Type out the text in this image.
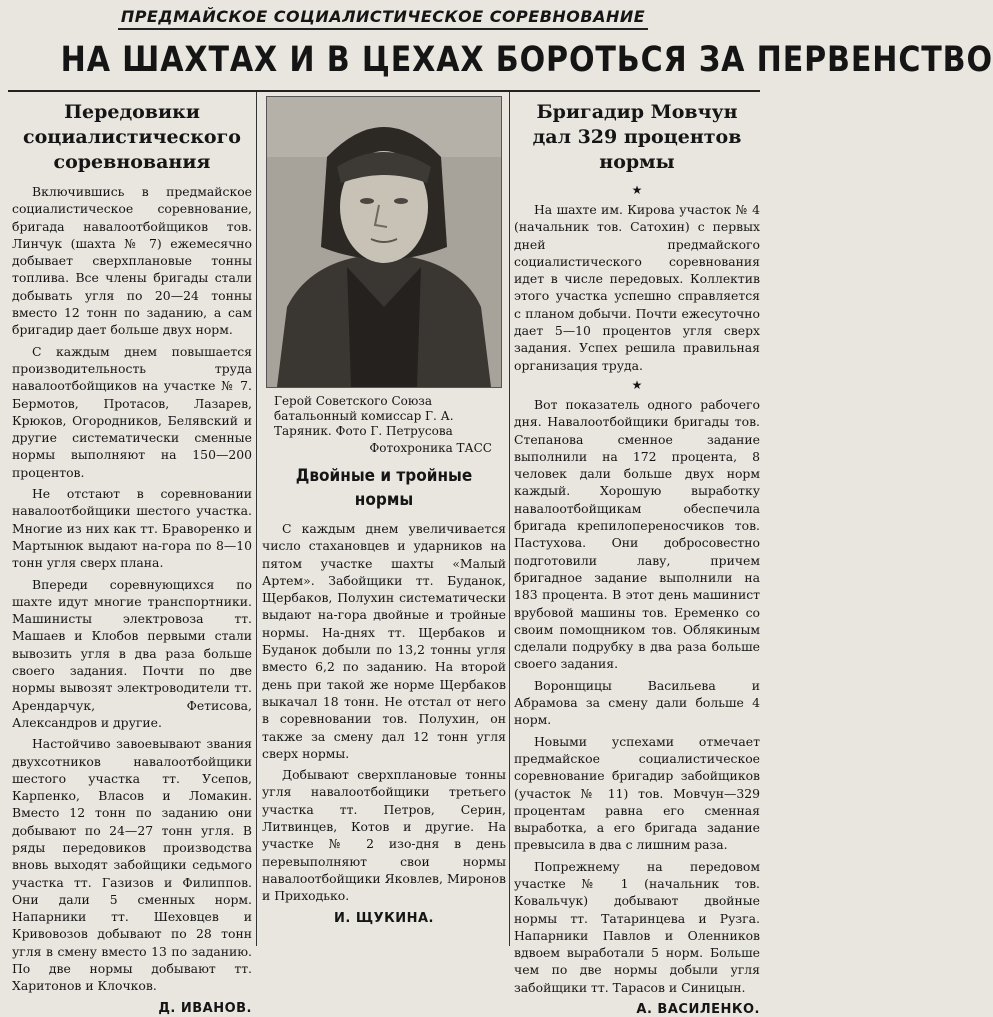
ПРЕДМАЙСКОЕ СОЦИАЛИСТИЧЕСКОЕ СОРЕВНОВАНИЕ
НА ШАХТАХ И В ЦЕХАХ БОРОТЬСЯ ЗА ПЕРВЕНСТВО
Передовики социалистического соревнования

Включившись в предмайское социалистическое соревнование, бригада навалоотбойщиков тов. Линчук (шахта № 7) ежемесячно добывает сверхплановые тонны топлива. Все члены бригады стали добывать угля по 20—24 тонны вместо 12 тонн по заданию, а сам бригадир дает больше двух норм.

С каждым днем повышается производительность труда навалоотбойщиков на участке № 7. Бермотов, Протасов, Лазарев, Крюков, Огородников, Белявский и другие систематически сменные нормы выполняют на 150—200 процентов.

Не отстают в соревновании навалоотбойщики шестого участка. Многие из них как тт. Браворенко и Мартынюк выдают на-гора по 8—10 тонн угля сверх плана.

Впереди соревнующихся по шахте идут многие транспортники. Машинисты электровоза тт. Машаев и Клобов первыми стали вывозить угля в два раза больше своего задания. Почти по две нормы вывозят электроводители тт. Арендарчук, Фетисова, Александров и другие.

Настойчиво завоевывают звания двухсотников навалоотбойщики шестого участка тт. Усепов, Карпенко, Власов и Ломакин. Вместо 12 тонн по заданию они добывают по 24—27 тонн угля. В ряды передовиков производства вновь выходят забойщики седьмого участка тт. Газизов и Филиппов. Они дали 5 сменных норм. Напарники тт. Шеховцев и Кривовозов добывают по 28 тонн угля в смену вместо 13 по заданию. По две нормы добывают тт. Харитонов и Клочков.

Д. ИВАНОВ.
Герой Советского Союза батальонный комиссар Г. А. Таряник. Фото Г. Петрусова
Фотохроника ТАСС
Двойные и тройные нормы

С каждым днем увеличивается число стахановцев и ударников на пятом участке шахты «Малый Артем». Забойщики тт. Буданок, Щербаков, Полухин систематически выдают на-гора двойные и тройные нормы. На-днях тт. Щербаков и Буданок добыли по 13,2 тонны угля вместо 6,2 по заданию. На второй день при такой же норме Щербаков выкачал 18 тонн. Не отстал от него в соревновании тов. Полухин, он также за смену дал 12 тонн угля сверх нормы.

Добывают сверхплановые тонны угля навалоотбойщики третьего участка тт. Петров, Серин, Литвинцев, Котов и другие. На участке № 2 изо-дня в день перевыполняют свои нормы навалоотбойщики Яковлев, Миронов и Приходько.

И. ЩУКИНА.
Бригадир Мовчун дал 329 процентов нормы
★

На шахте им. Кирова участок № 4 (начальник тов. Сатохин) с первых дней предмайского социалистического соревнования идет в числе передовых. Коллектив этого участка успешно справляется с планом добычи. Почти ежесуточно дает 5—10 процентов угля сверх задания. Успех решила правильная организация труда.

★

Вот показатель одного рабочего дня. Навалоотбойщики бригады тов. Степанова сменное задание выполнили на 172 процента, 8 человек дали больше двух норм каждый. Хорошую выработку навалоотбойщикам обеспечила бригада крепилопереносчиков тов. Пастухова. Они добросовестно подготовили лаву, причем бригадное задание выполнили на 183 процента. В этот день машинист врубовой машины тов. Еременко со своим помощником тов. Облякиным сделали подрубку в два раза больше своего задания.

Воронщицы Васильева и Абрамова за смену дали больше 4 норм.

Новыми успехами отмечает предмайское социалистическое соревнование бригадир забойщиков (участок № 11) тов. Мовчун—329 процентам равна его сменная выработка, а его бригада задание превысила в два с лишним раза.

Попрежнему на передовом участке № 1 (начальник тов. Ковальчук) добывают двойные нормы тт. Татаринцева и Рузга. Напарники Павлов и Оленников вдвоем выработали 5 норм. Больше чем по две нормы добыли угля забойщики тт. Тарасов и Синицын.

А. ВАСИЛЕНКО.
